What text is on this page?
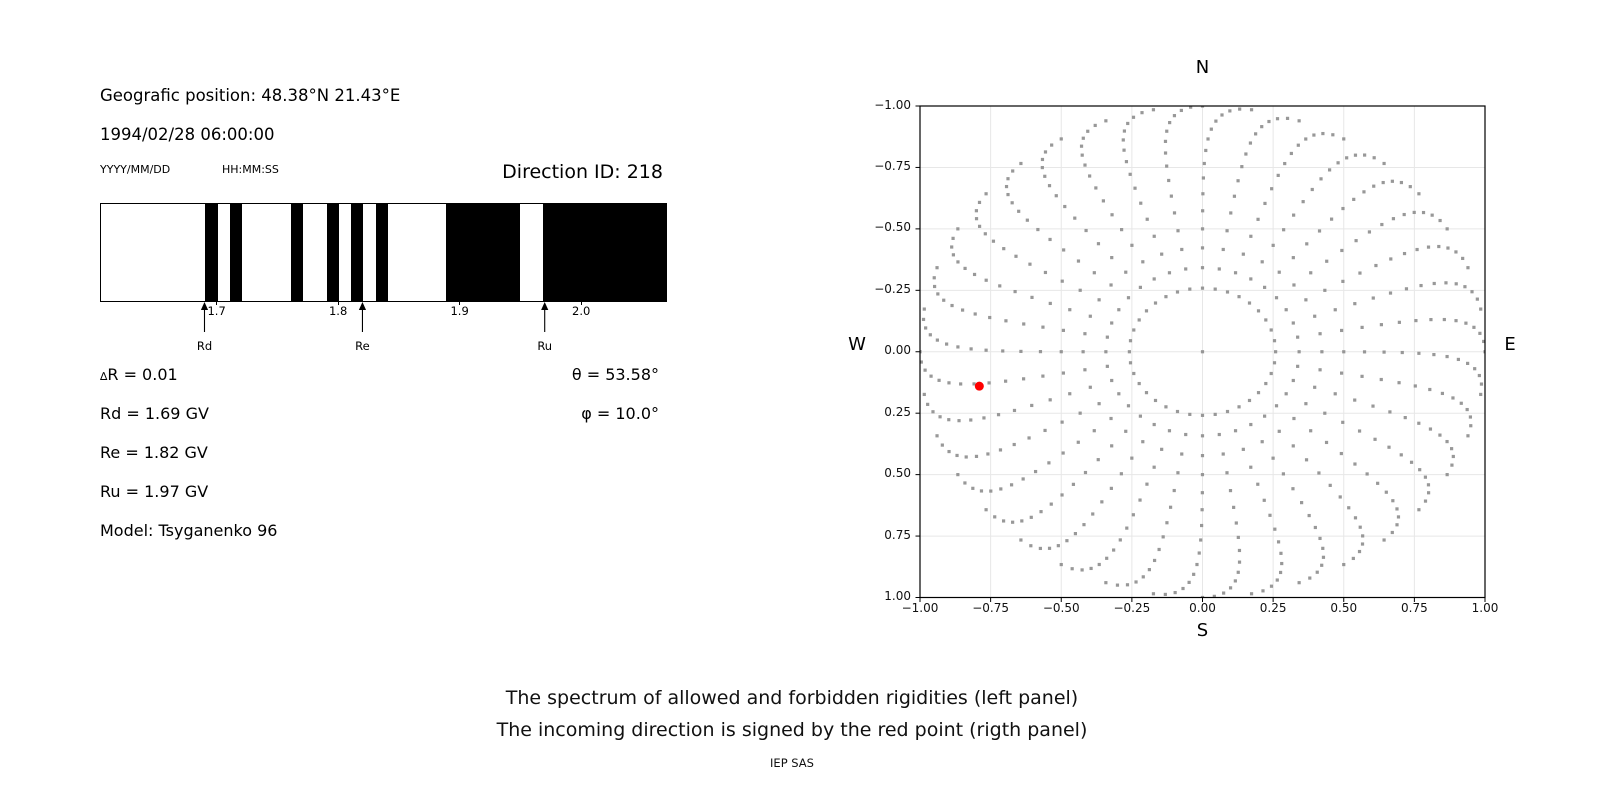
Geografic position: 48.38°N 21.43°E
1994/02/28 06:00:00
YYYY/MM/DD	HH:MM:SS	Direction ID: 218
1.7	1.8	1.9	2.0
Rd	Re	Ru
∆R = 0.01
Rd = 1.69 GV
Re = 1.82 GV
Ru = 1.97 GV
Model: Tsyganenko 96
θ = 53.58°
φ = 10.0°
N
S
W	E
−1.00
1.00
−0.75
0.75
−0.50
0.50
−0.25
0.25
0.00
0.00
0.25
−0.25
0.50
−0.50
0.75
−0.75
1.00
−1.00
The spectrum of allowed and forbidden rigidities (left panel)
The incoming direction is signed by the red point (rigth panel)
IEP SAS
